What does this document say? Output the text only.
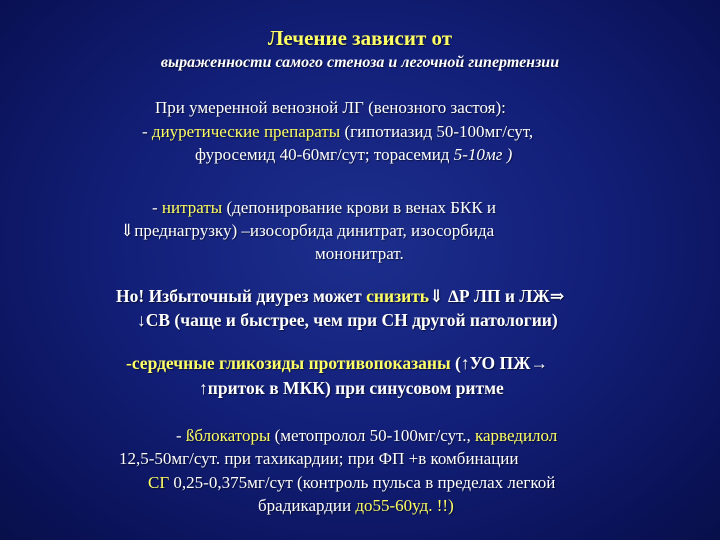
Лечение зависит от
выраженности самого стеноза и легочной гипертензии
При умеренной венозной ЛГ (венозного застоя):
- диуретические препараты (гипотиазид 50-100мг/сут,
фуросемид 40-60мг/сут; торасемид 5-10мг )
- нитраты (депонирование крови в венах БКК и
⇓преднагрузку) –изосорбида динитрат, изосорбида
мононитрат.
Но! Избыточный диурез может снизить⇓ ∆Р ЛП и ЛЖ⇒
↓СВ (чаще и быстрее, чем при СН другой патологии)
-сердечные гликозиды противопоказаны (↑УО ПЖ→
↑приток в МКК) при синусовом ритме
- ßблокаторы (метопролол 50-100мг/сут., карведилол
12,5-50мг/сут. при тахикардии; при ФП +в комбинации
СГ 0,25-0,375мг/сут (контроль пульса в пределах легкой
брадикардии до55-60уд. !!)
